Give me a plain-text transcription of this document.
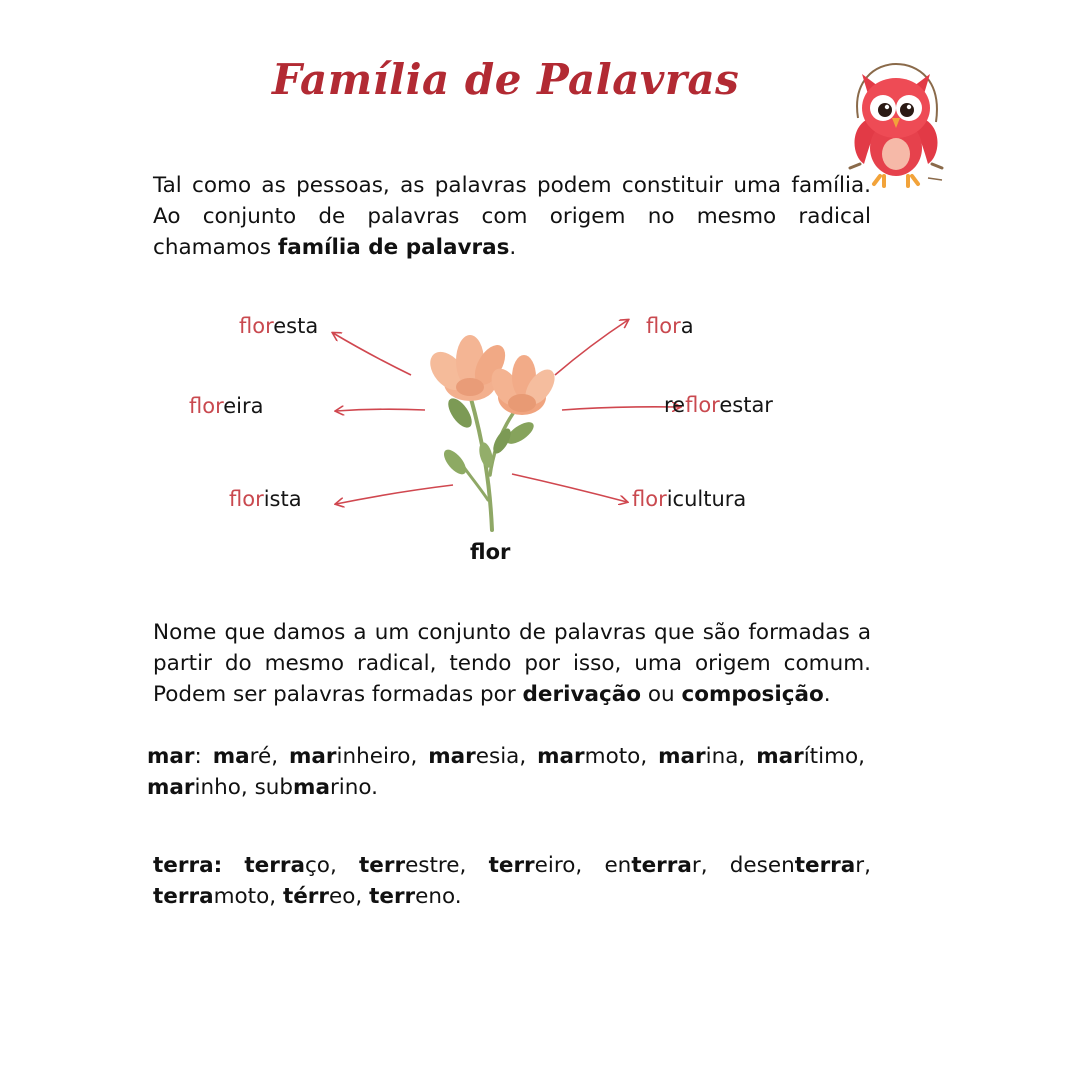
Família de Palavras

Tal como as pessoas, as palavras podem constituir uma família. Ao conjunto de palavras com origem no mesmo radical chamamos família de palavras.

floresta
floreira
florista
flora
reflorestar
floricultura
flor

Nome que damos a um conjunto de palavras que são formadas a partir do mesmo radical, tendo por isso, uma origem comum. Podem ser palavras formadas por derivação ou composição.

mar: maré, marinheiro, maresia, marmoto, marina, marítimo, marinho, submarino.

terra: terraço, terrestre, terreiro, enterrar, desenterrar, terramoto, térreo, terreno.
